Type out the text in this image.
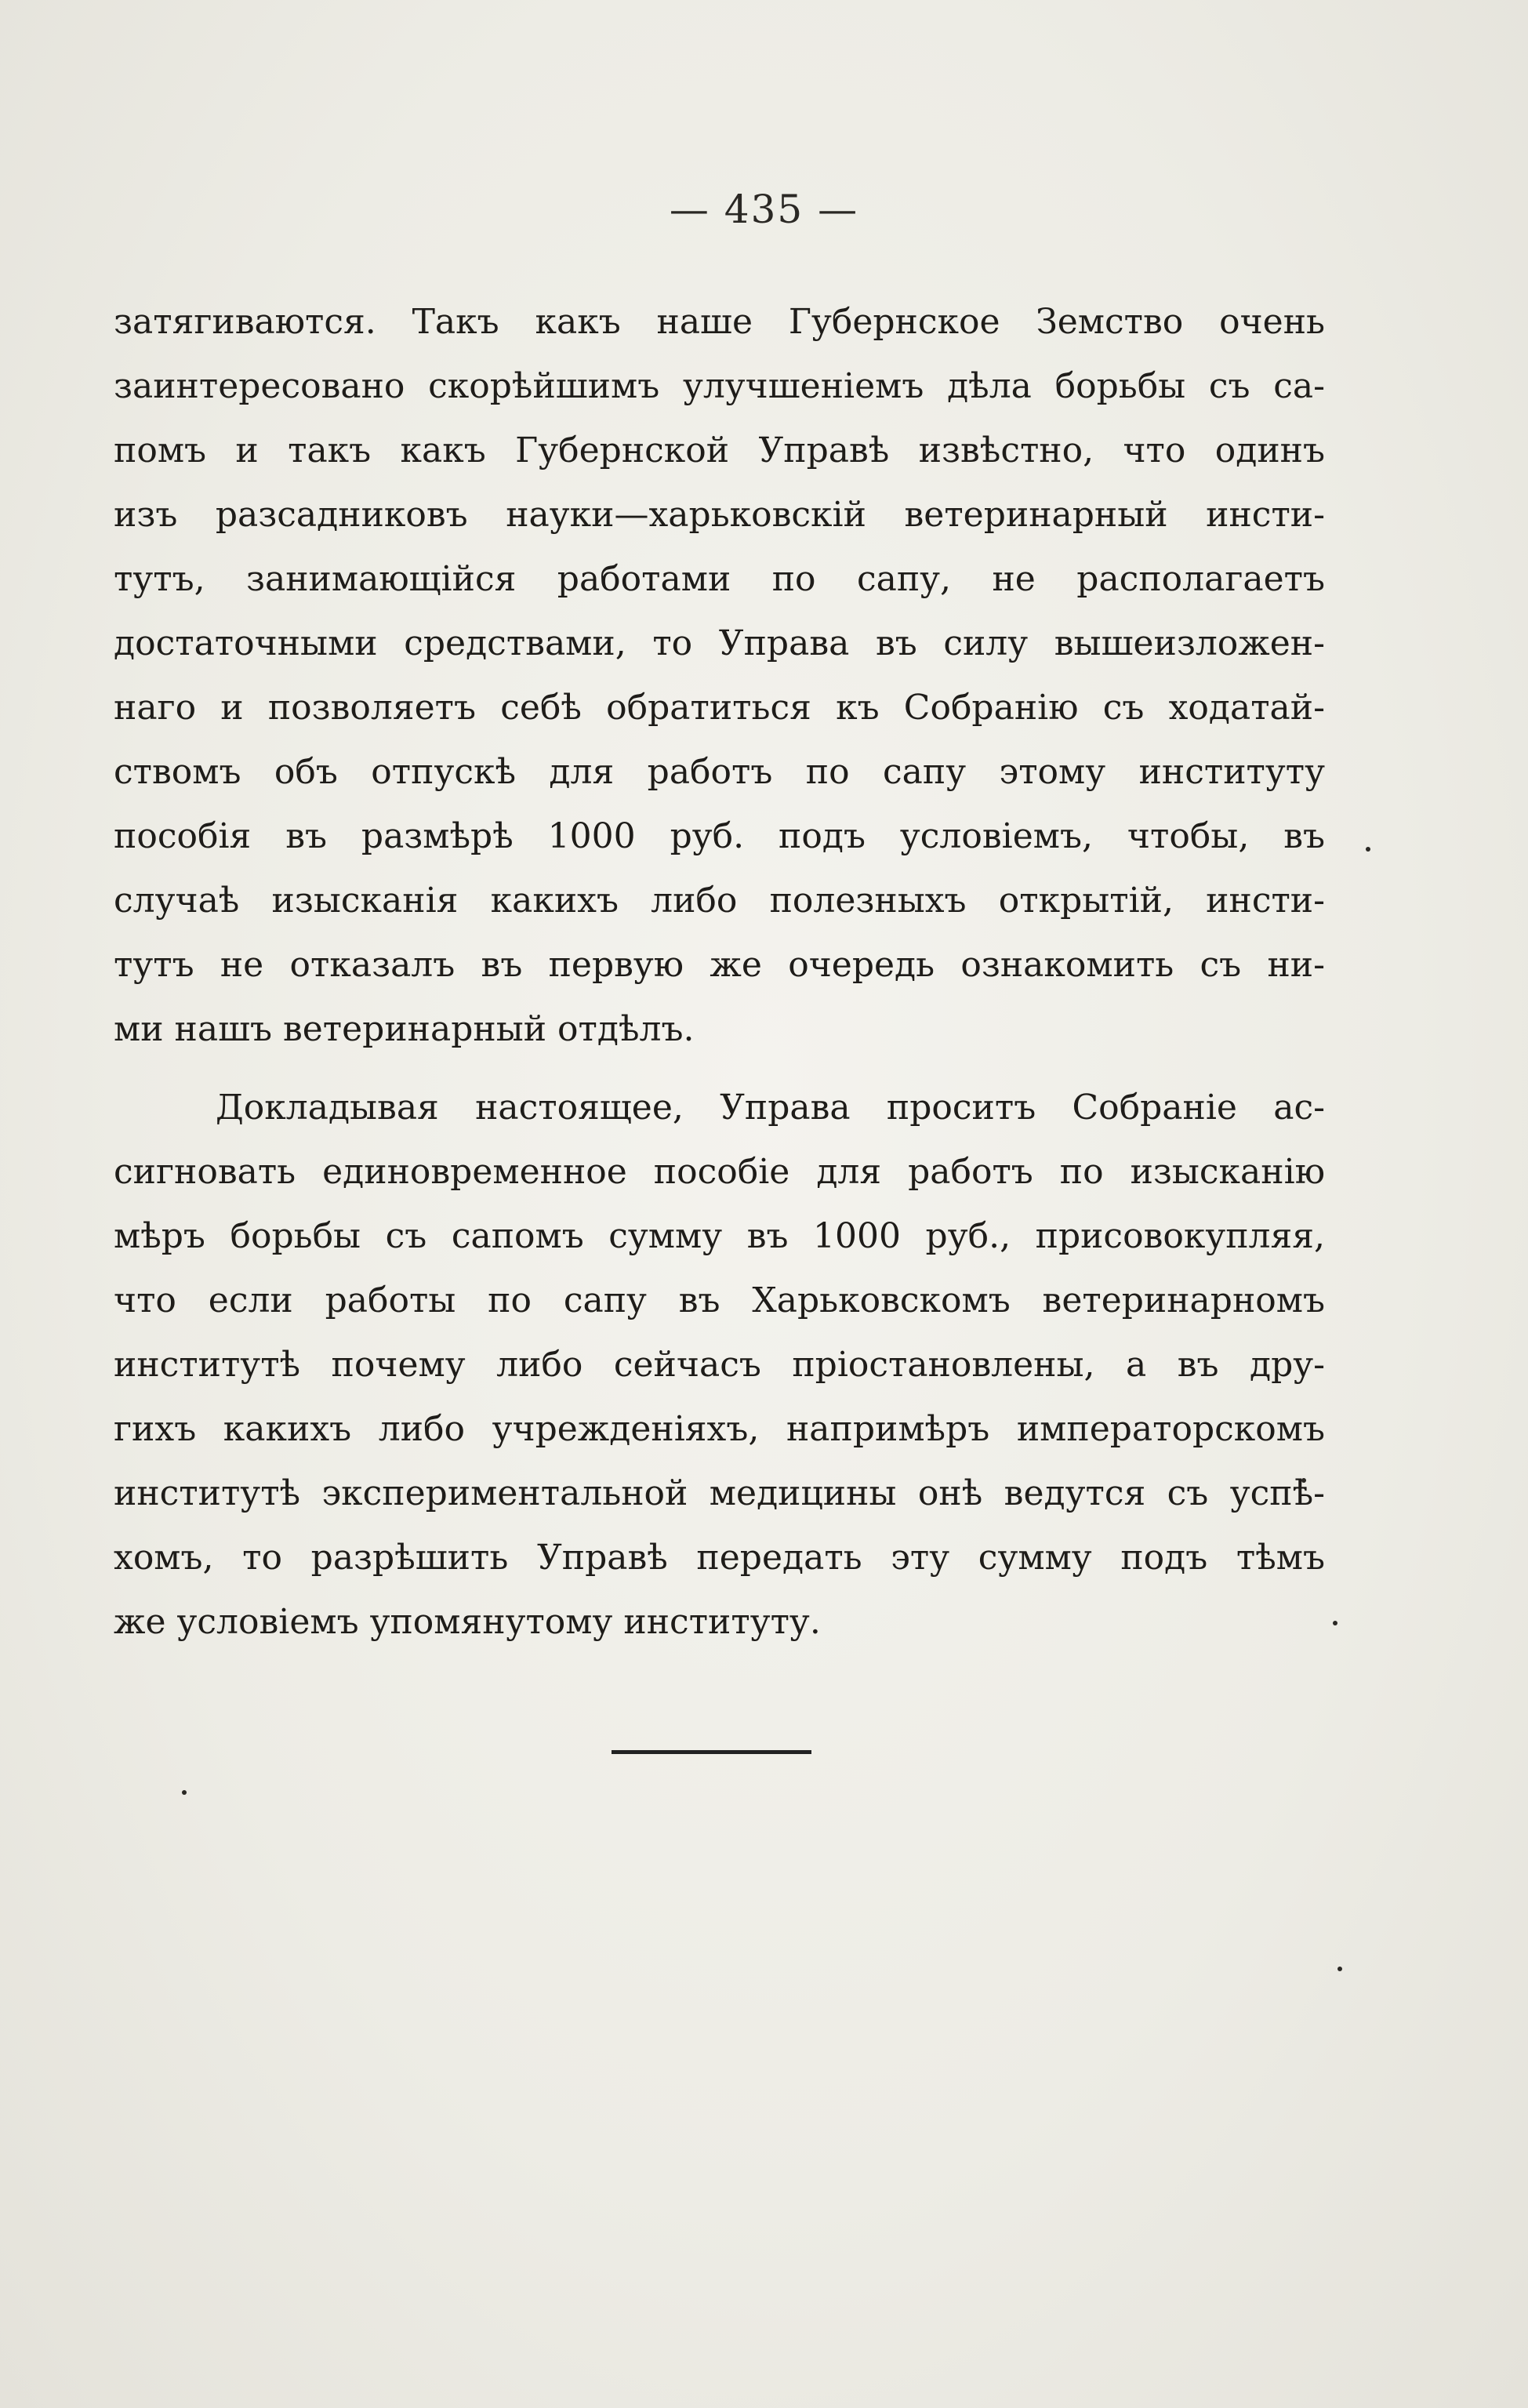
— 435 —
затягиваются. Такъ какъ наше Губернское Земство очень
заинтересовано скорѣйшимъ улучшеніемъ дѣла борьбы съ са-
помъ и такъ какъ Губернской Управѣ извѣстно, что одинъ
изъ разсадниковъ науки—харьковскій ветеринарный инсти-
тутъ, занимающійся работами по сапу, не располагаетъ
достаточными средствами, то Управа въ силу вышеизложен-
наго и позволяетъ себѣ обратиться къ Собранію съ ходатай-
ствомъ объ отпускѣ для работъ по сапу этому институту
пособія въ размѣрѣ 1000 руб. подъ условіемъ, чтобы, въ
случаѣ изысканія какихъ либо полезныхъ открытій, инсти-
тутъ не отказалъ въ первую же очередь ознакомить съ ни-
ми нашъ ветеринарный отдѣлъ.
Докладывая настоящее, Управа проситъ Собраніе ас-
сигновать единовременное пособіе для работъ по изысканію
мѣръ борьбы съ сапомъ сумму въ 1000 руб., присовокупляя,
что если работы по сапу въ Харьковскомъ ветеринарномъ
институтѣ почему либо сейчасъ пріостановлены, а въ дру-
гихъ какихъ либо учрежденіяхъ, напримѣръ императорскомъ
институтѣ экспериментальной медицины онѣ ведутся съ успѣ-
хомъ, то разрѣшить Управѣ передать эту сумму подъ тѣмъ
же условіемъ упомянутому институту.
